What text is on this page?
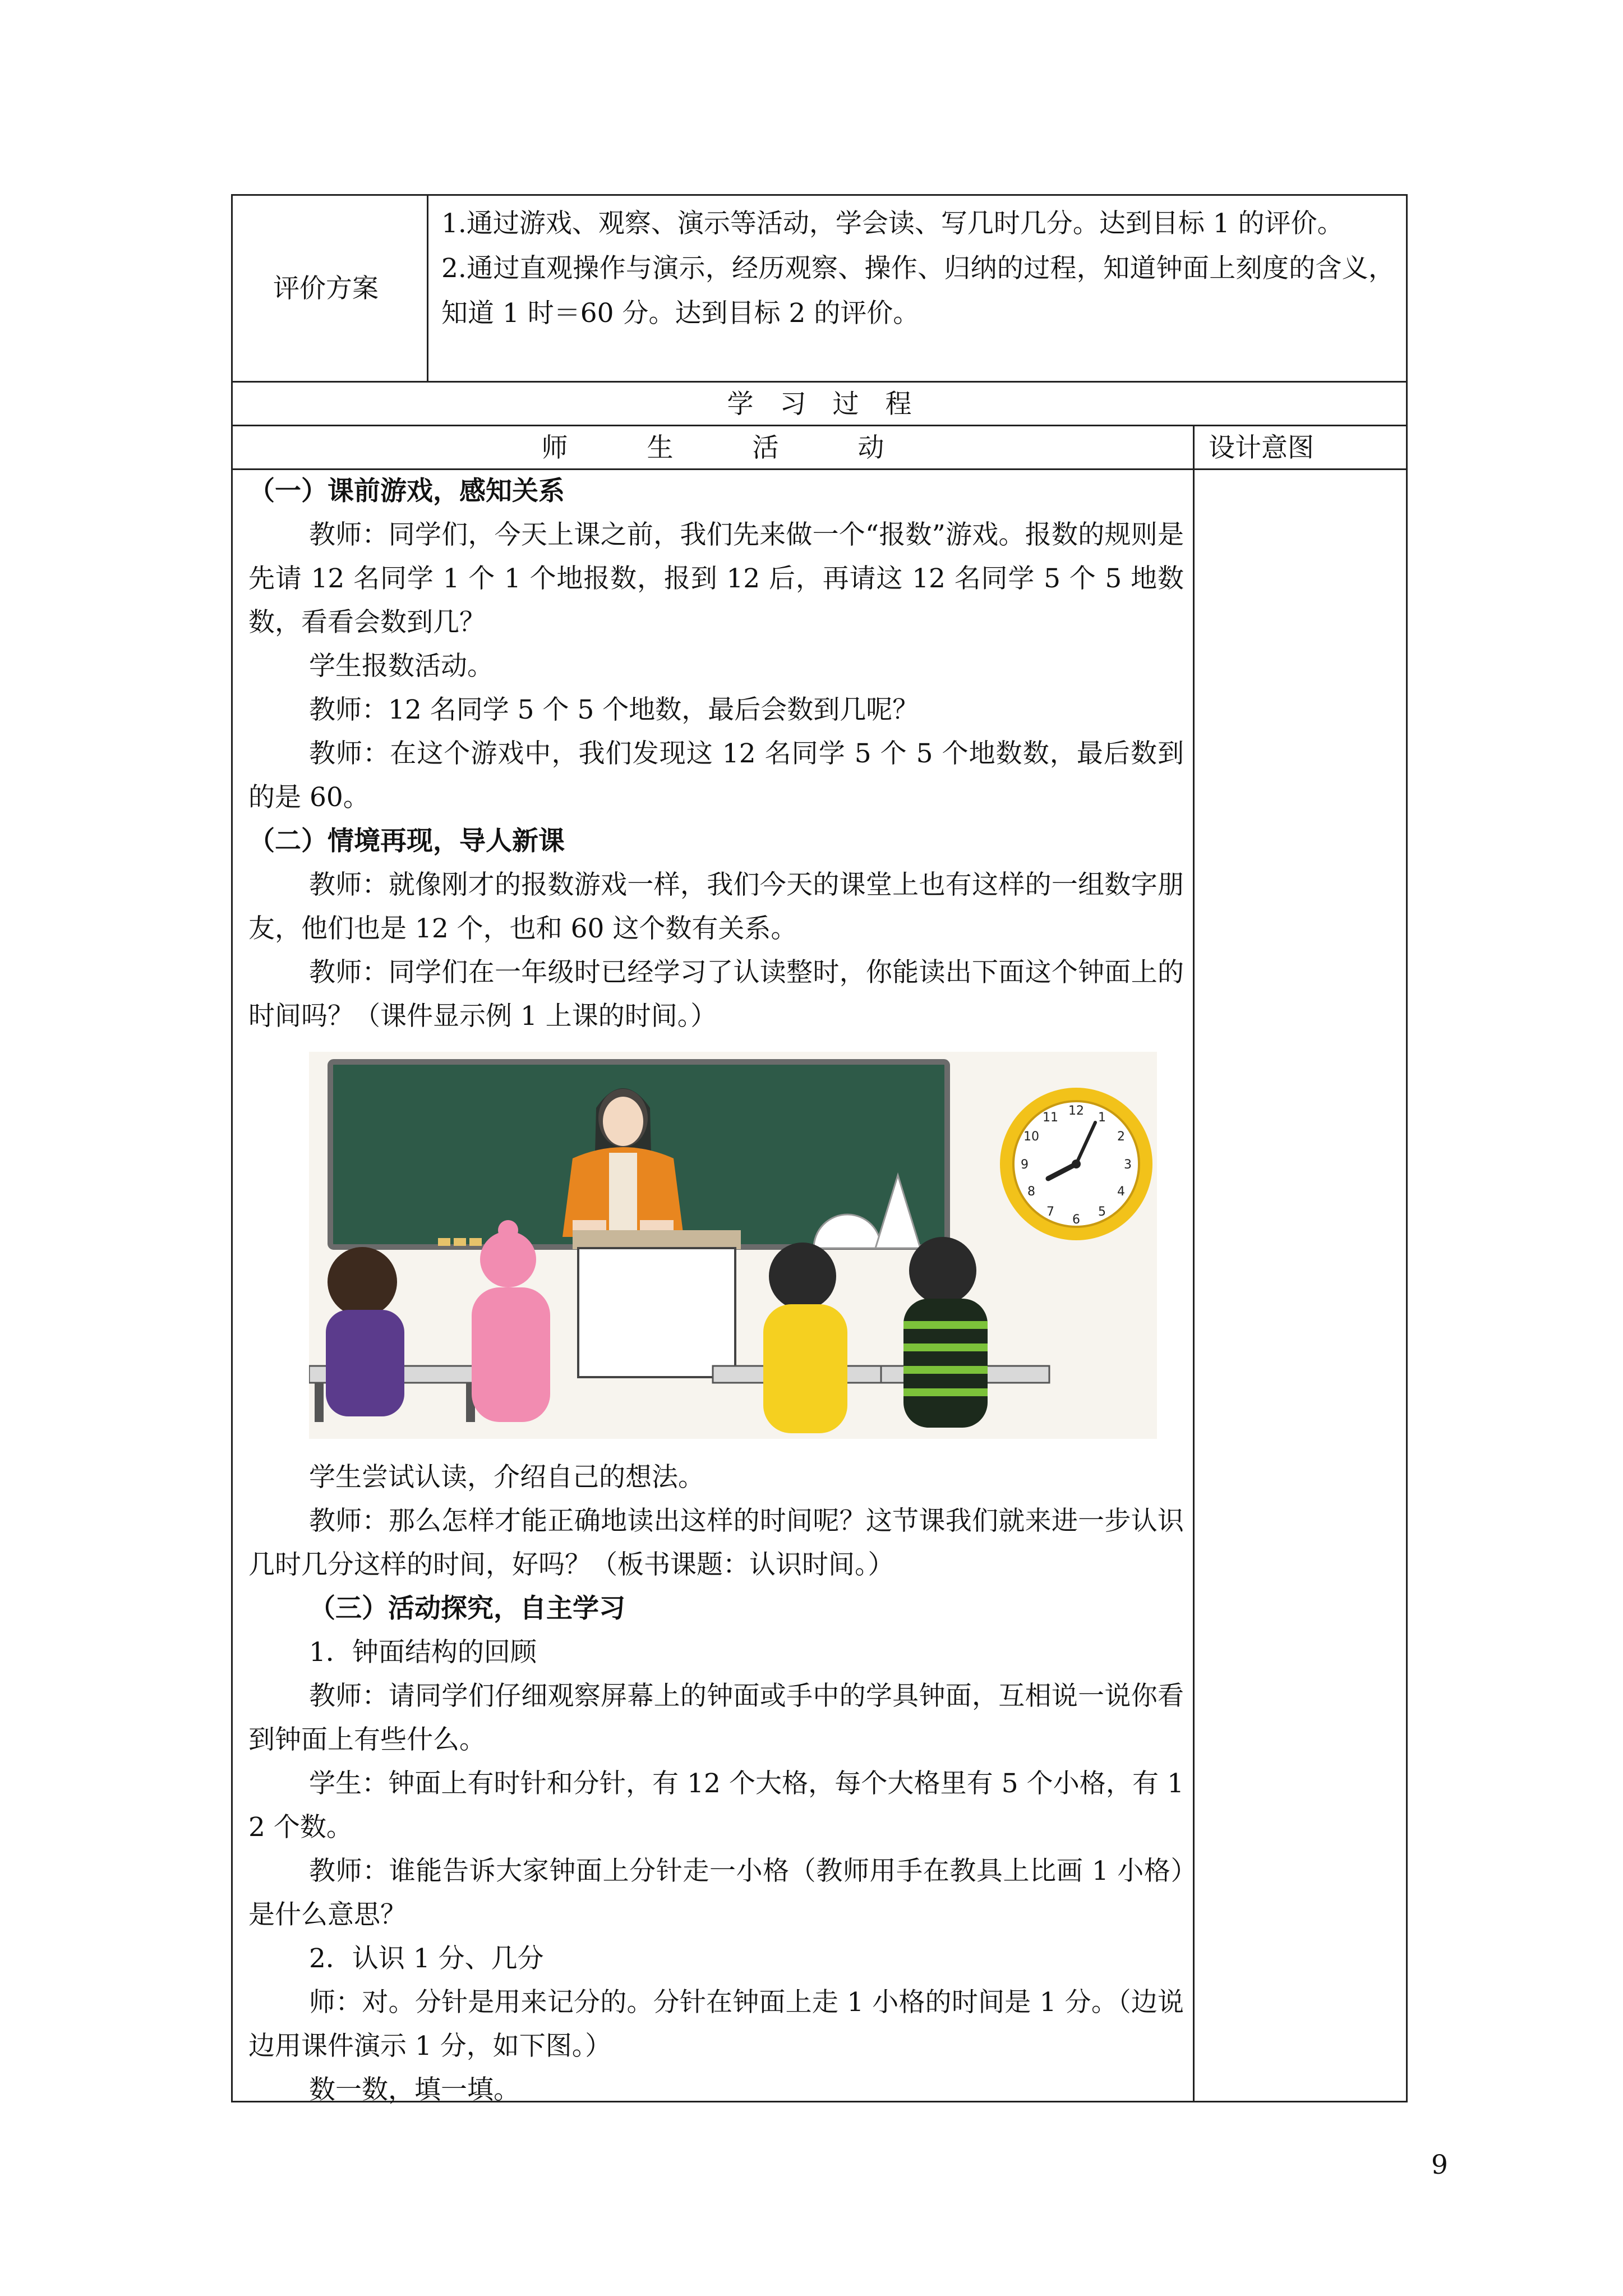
评价方案
1.通过游戏、观察、演示等活动，学会读、写几时几分。达到目标 1 的评价。
2.通过直观操作与演示，经历观察、操作、归纳的过程，知道钟面上刻度的含义，知道 1 时＝60 分。达到目标 2 的评价。
学　习　过　程
师　　　生　　　活　　　动	设计意图

（一）课前游戏，感知关系

教师：同学们，今天上课之前，我们先来做一个“报数”游戏。报数的规则是先请 12 名同学 1 个 1 个地报数，报到 12 后，再请这 12 名同学 5 个 5 地数数，看看会数到几？

学生报数活动。

教师：12 名同学 5 个 5 个地数，最后会数到几呢？

教师：在这个游戏中，我们发现这 12 名同学 5 个 5 个地数数，最后数到的是 60。

（二）情境再现，导人新课

教师：就像刚才的报数游戏一样，我们今天的课堂上也有这样的一组数字朋友，他们也是 12 个，也和 60 这个数有关系。

教师：同学们在一年级时已经学习了认读整时，你能读出下面这个钟面上的时间吗？（课件显示例 1 上课的时间。）

12 1
2
3
4
5
6
7
8
9
10
11

学生尝试认读，介绍自己的想法。

教师：那么怎样才能正确地读出这样的时间呢？这节课我们就来进一步认识几时几分这样的时间，好吗？（板书课题：认识时间。）

（三）活动探究，自主学习

1．钟面结构的回顾

教师：请同学们仔细观察屏幕上的钟面或手中的学具钟面，互相说一说你看到钟面上有些什么。

学生：钟面上有时针和分针，有 12 个大格，每个大格里有 5 个小格，有 1 2 个数。

教师：谁能告诉大家钟面上分针走一小格（教师用手在教具上比画 1 小格）是什么意思？

2．认识 1 分、几分

师：对。分针是用来记分的。分针在钟面上走 1 小格的时间是 1 分。（边说边用课件演示 1 分，如下图。）

数一数，填一填。

9
